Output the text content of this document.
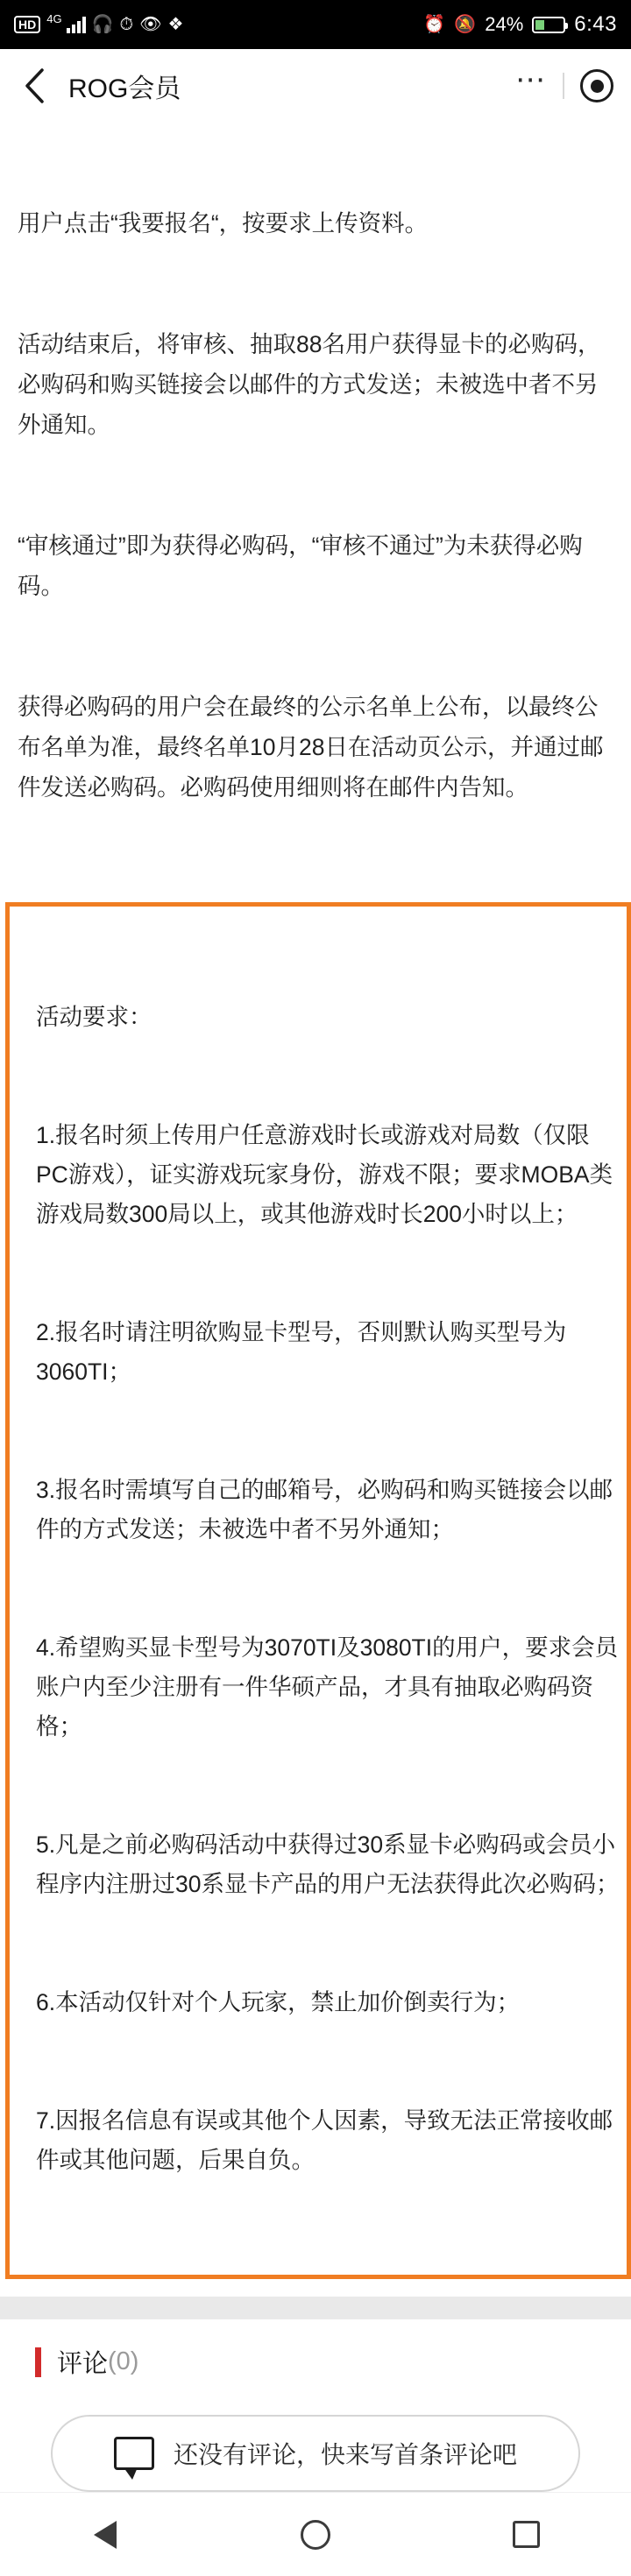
HD 4G 🎧 ⏱ 👁 ❖	⏰ 🔕 24% 6:43
ROG会员	⋯

用户点击“我要报名“，按要求上传资料。

活动结束后，将审核、抽取88名用户获得显卡的必购码，必购码和购买链接会以邮件的方式发送；未被选中者不另外通知。

“审核通过”即为获得必购码，“审核不通过”为未获得必购码。

获得必购码的用户会在最终的公示名单上公布，以最终公布名单为准，最终名单10月28日在活动页公示，并通过邮件发送必购码。必购码使用细则将在邮件内告知。

活动要求：

1.报名时须上传用户任意游戏时长或游戏对局数（仅限PC游戏），证实游戏玩家身份，游戏不限；要求MOBA类游戏局数300局以上，或其他游戏时长200小时以上；

2.报名时请注明欲购显卡型号，否则默认购买型号为3060TI；

3.报名时需填写自己的邮箱号，必购码和购买链接会以邮件的方式发送；未被选中者不另外通知；

4.希望购买显卡型号为3070TI及3080TI的用户，要求会员账户内至少注册有一件华硕产品，才具有抽取必购码资格；

5.凡是之前必购码活动中获得过30系显卡必购码或会员小程序内注册过30系显卡产品的用户无法获得此次必购码；

6.本活动仅针对个人玩家，禁止加价倒卖行为；

7.因报名信息有误或其他个人因素，导致无法正常接收邮件或其他问题，后果自负。

评论 (0)
还没有评论，快来写首条评论吧
